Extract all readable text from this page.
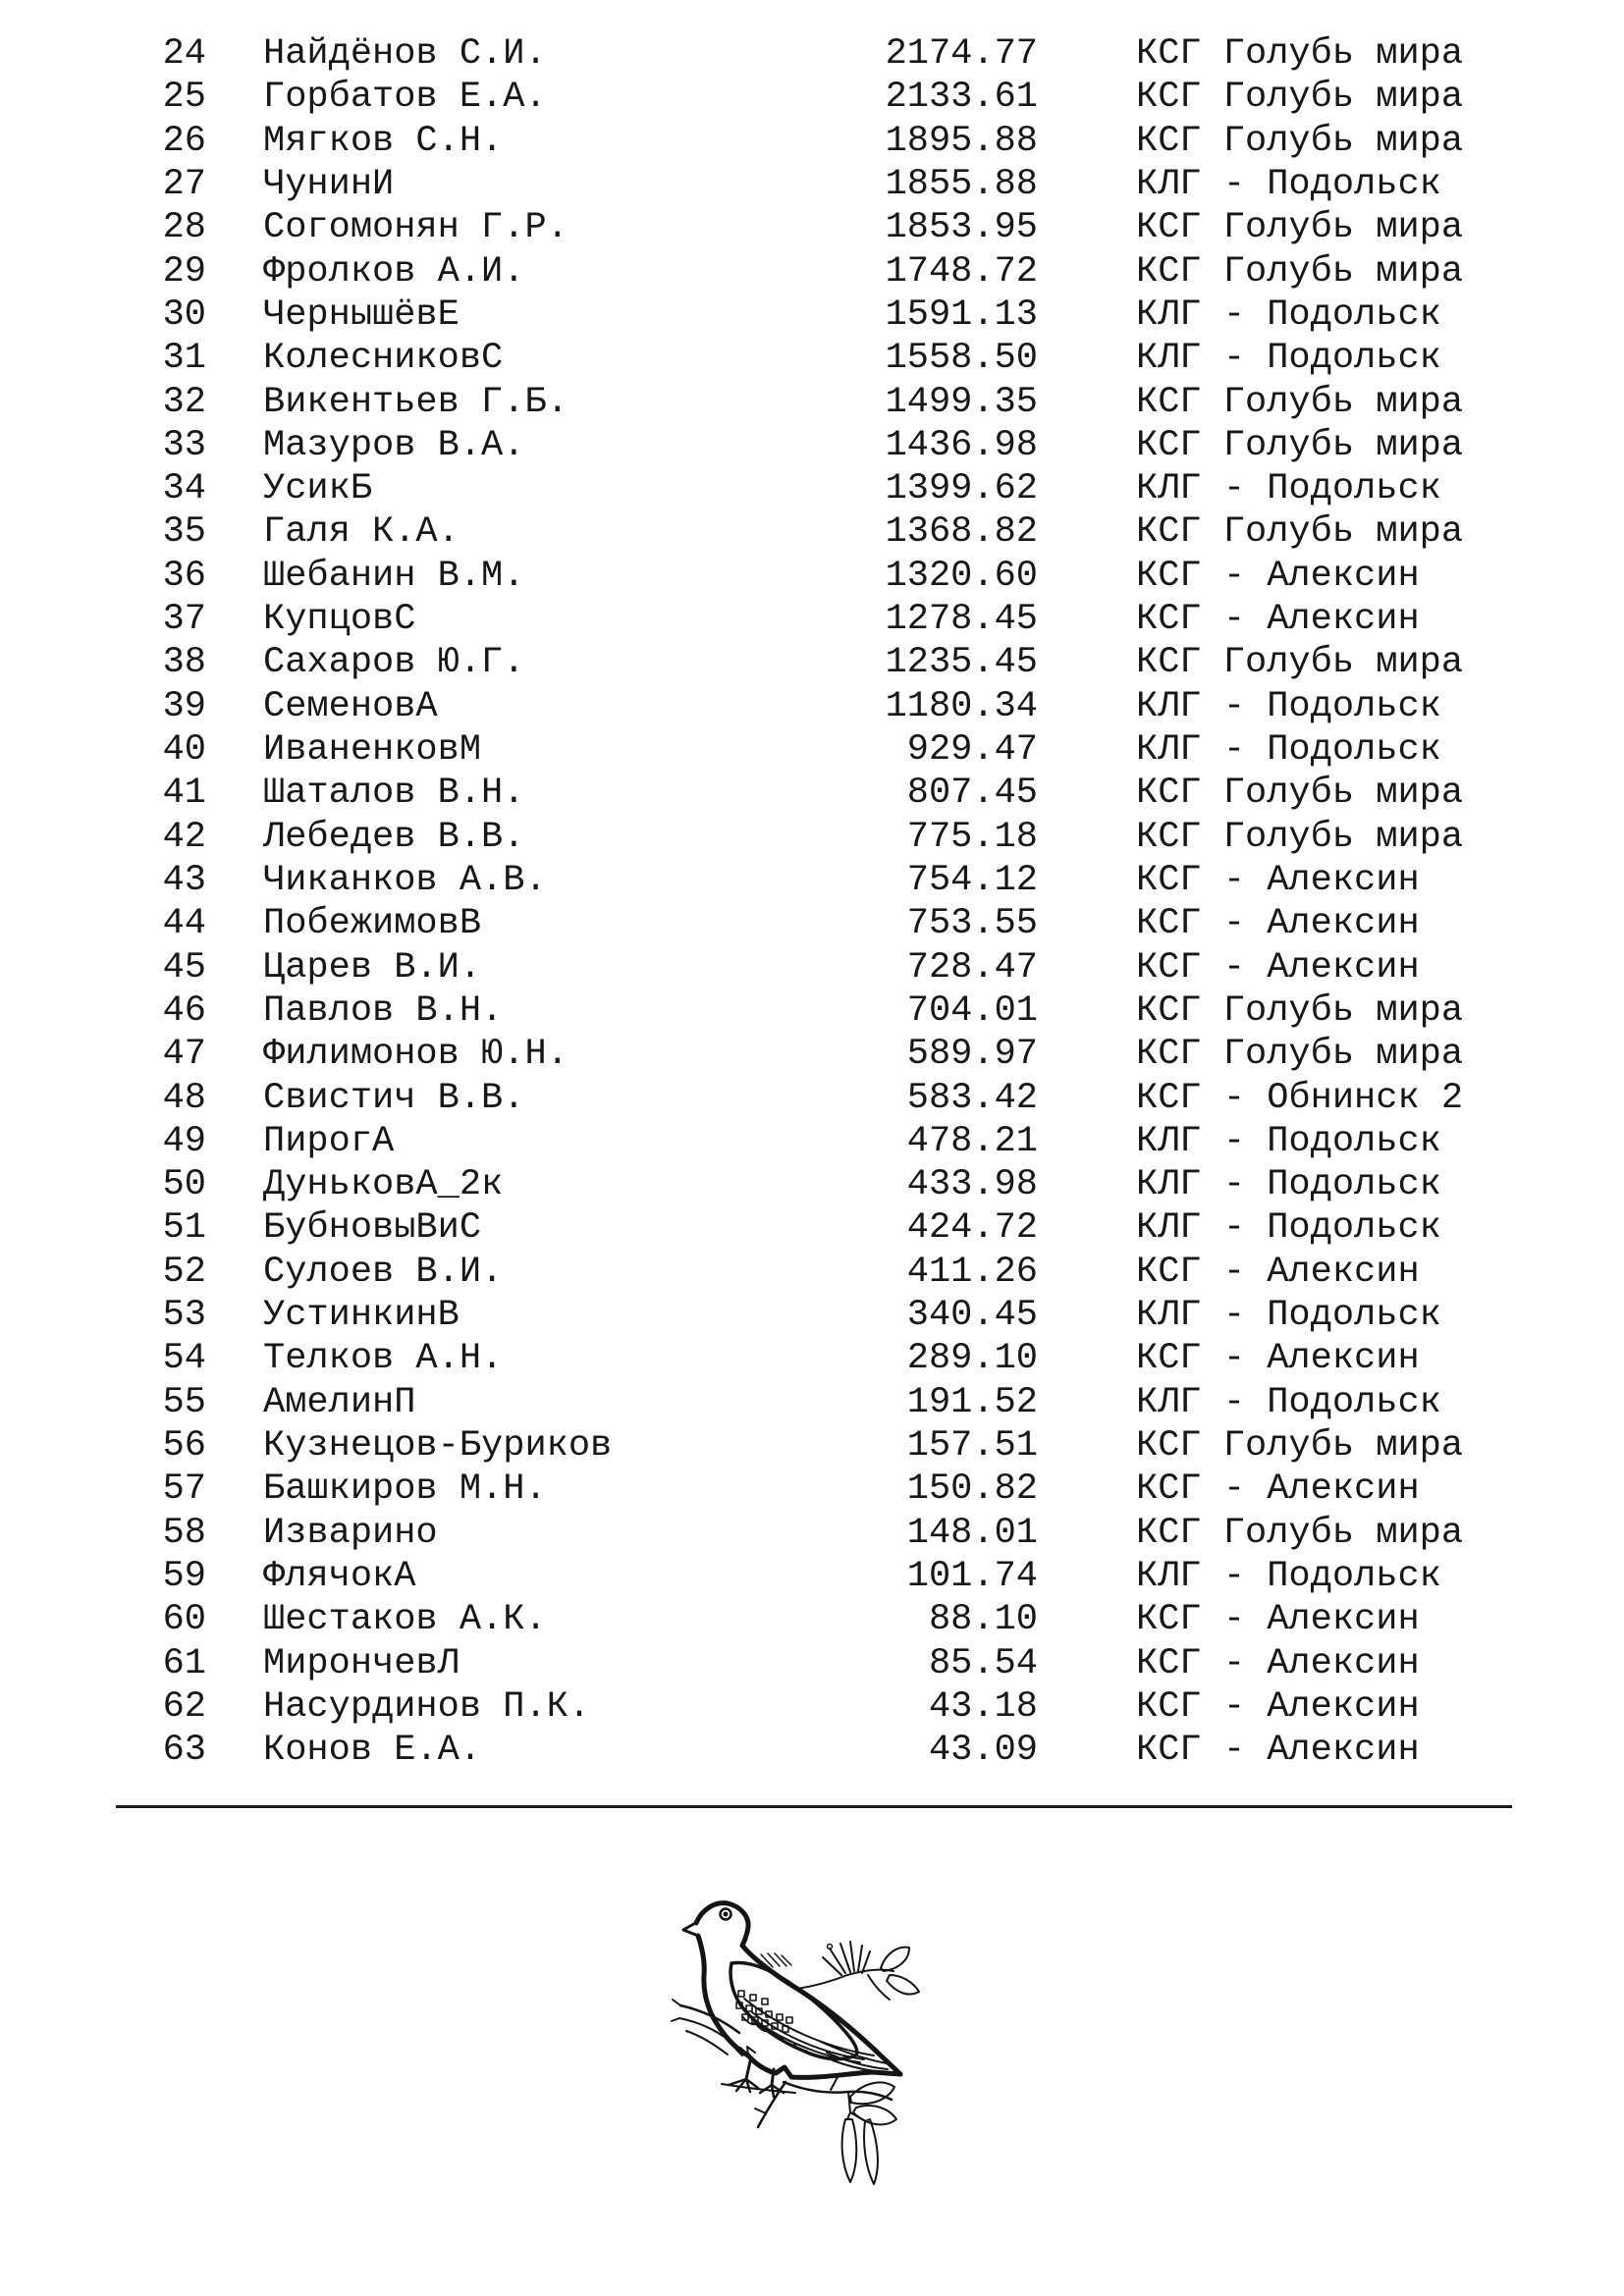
24	Найдёнов С.И.	2174.77	КСГ Голубь мира
25	Горбатов Е.А.	2133.61	КСГ Голубь мира
26	Мягков С.Н.	1895.88	КСГ Голубь мира
27	ЧунинИ	1855.88	КЛГ - Подольск
28	Согомонян Г.Р.	1853.95	КСГ Голубь мира
29	Фролков А.И.	1748.72	КСГ Голубь мира
30	ЧернышёвЕ	1591.13	КЛГ - Подольск
31	КолесниковС	1558.50	КЛГ - Подольск
32	Викентьев Г.Б.	1499.35	КСГ Голубь мира
33	Мазуров В.А.	1436.98	КСГ Голубь мира
34	УсикБ	1399.62	КЛГ - Подольск
35	Галя К.А.	1368.82	КСГ Голубь мира
36	Шебанин В.М.	1320.60	КСГ - Алексин
37	КупцовС	1278.45	КСГ - Алексин
38	Сахаров Ю.Г.	1235.45	КСГ Голубь мира
39	СеменовА	1180.34	КЛГ - Подольск
40	ИваненковМ	929.47	КЛГ - Подольск
41	Шаталов В.Н.	807.45	КСГ Голубь мира
42	Лебедев В.В.	775.18	КСГ Голубь мира
43	Чиканков А.В.	754.12	КСГ - Алексин
44	ПобежимовВ	753.55	КСГ - Алексин
45	Царев В.И.	728.47	КСГ - Алексин
46	Павлов В.Н.	704.01	КСГ Голубь мира
47	Филимонов Ю.Н.	589.97	КСГ Голубь мира
48	Свистич В.В.	583.42	КСГ - Обнинск 2
49	ПирогА	478.21	КЛГ - Подольск
50	ДуньковА_2к	433.98	КЛГ - Подольск
51	БубновыВиС	424.72	КЛГ - Подольск
52	Сулоев В.И.	411.26	КСГ - Алексин
53	УстинкинВ	340.45	КЛГ - Подольск
54	Телков А.Н.	289.10	КСГ - Алексин
55	АмелинП	191.52	КЛГ - Подольск
56	Кузнецов-Буриков	157.51	КСГ Голубь мира
57	Башкиров М.Н.	150.82	КСГ - Алексин
58	Изварино	148.01	КСГ Голубь мира
59	ФлячокА	101.74	КЛГ - Подольск
60	Шестаков А.К.	88.10	КСГ - Алексин
61	МирончевЛ	85.54	КСГ - Алексин
62	Насурдинов П.К.	43.18	КСГ - Алексин
63	Конов Е.А.	43.09	КСГ - Алексин
